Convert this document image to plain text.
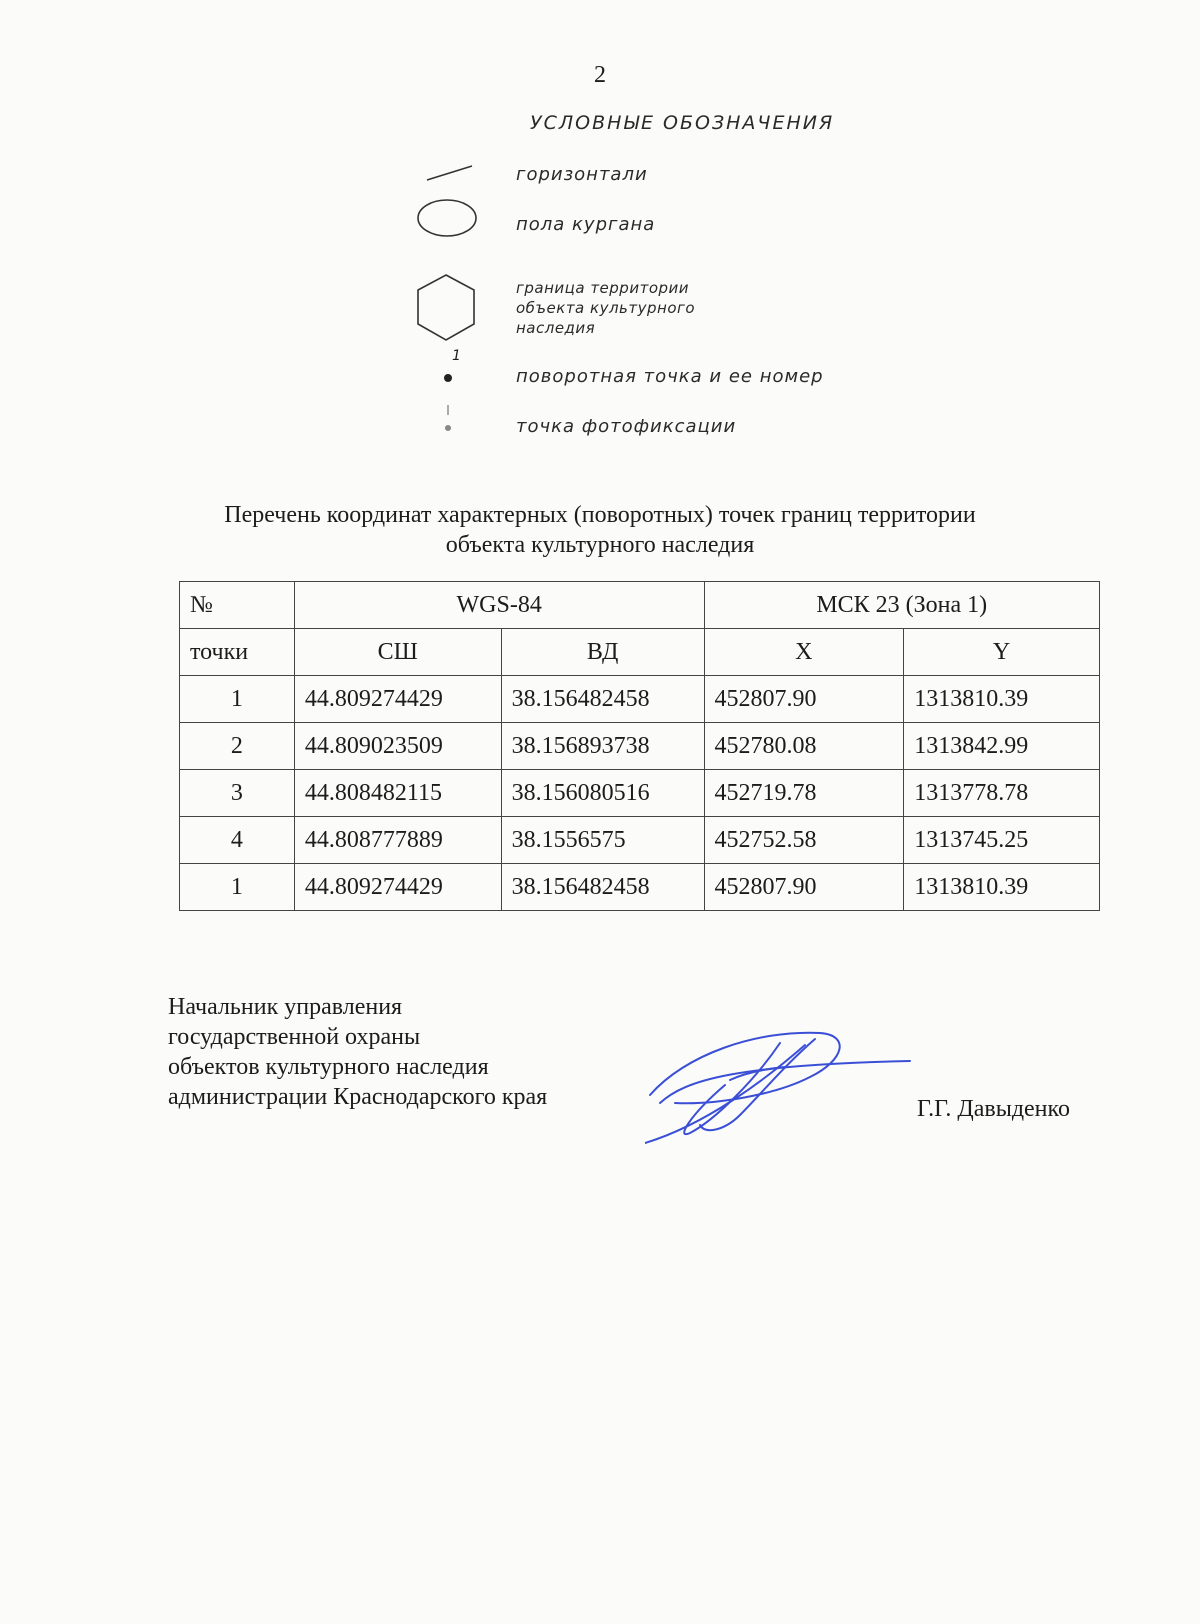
2
УСЛОВНЫЕ ОБОЗНАЧЕНИЯ
горизонтали
пола кургана
граница территории
объекта культурного
наследия
1
поворотная точка и ее номер
точка фотофиксации
Перечень координат характерных (поворотных) точек границ территории
объекта культурного наследия
№	WGS-84		МСК 23 (Зона 1)	
точки	СШ	ВД	X	Y
1	44.809274429	38.156482458	452807.90	1313810.39
2	44.809023509	38.156893738	452780.08	1313842.99
3	44.808482115	38.156080516	452719.78	1313778.78
4	44.808777889	38.1556575	452752.58	1313745.25
1	44.809274429	38.156482458	452807.90	1313810.39
Начальник управления
государственной охраны
объектов культурного наследия
администрации Краснодарского края	Г.Г. Давыденко
